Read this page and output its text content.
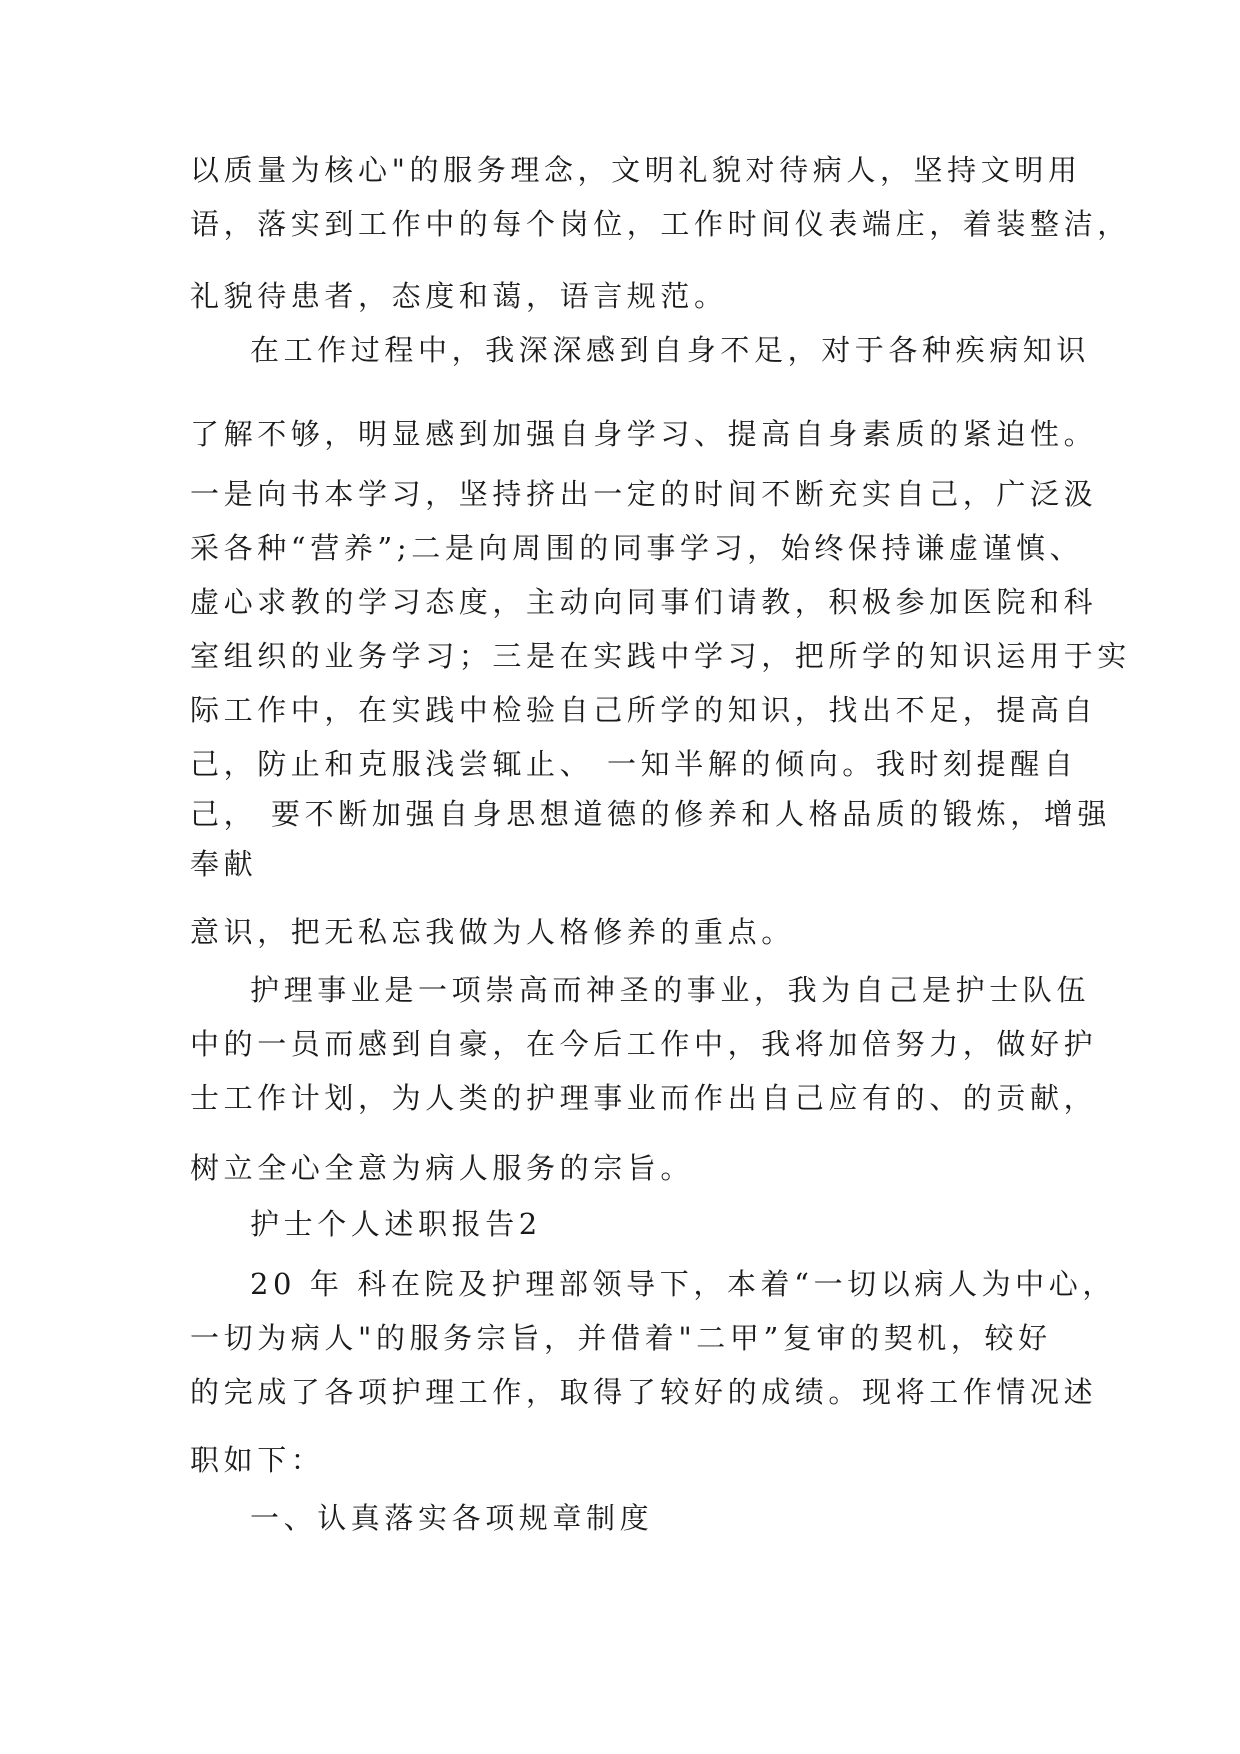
以质量为核心"的服务理念，文明礼貌对待病人，坚持文明用
语，落实到工作中的每个岗位，工作时间仪表端庄，着装整洁，
礼貌待患者，态度和蔼，语言规范。
在工作过程中，我深深感到自身不足，对于各种疾病知识
了解不够，明显感到加强自身学习、提高自身素质的紧迫性。
一是向书本学习，坚持挤出一定的时间不断充实自己，广泛汲
采各种“营养”;二是向周围的同事学习，始终保持谦虚谨慎、
虚心求教的学习态度，主动向同事们请教，积极参加医院和科
室组织的业务学习；三是在实践中学习，把所学的知识运用于实
际工作中，在实践中检验自己所学的知识，找出不足，提高自
己，防止和克服浅尝辄止、 一知半解的倾向。我时刻提醒自
己， 要不断加强自身思想道德的修养和人格品质的锻炼，增强
奉献
意识，把无私忘我做为人格修养的重点。
护理事业是一项崇高而神圣的事业，我为自己是护士队伍
中的一员而感到自豪，在今后工作中，我将加倍努力，做好护
士工作计划，为人类的护理事业而作出自己应有的、的贡献，
树立全心全意为病人服务的宗旨。
护士个人述职报告2
20 年 科在院及护理部领导下，本着“一切以病人为中心，
一切为病人"的服务宗旨，并借着"二甲”复审的契机，较好
的完成了各项护理工作，取得了较好的成绩。现将工作情况述
职如下：
一、认真落实各项规章制度
